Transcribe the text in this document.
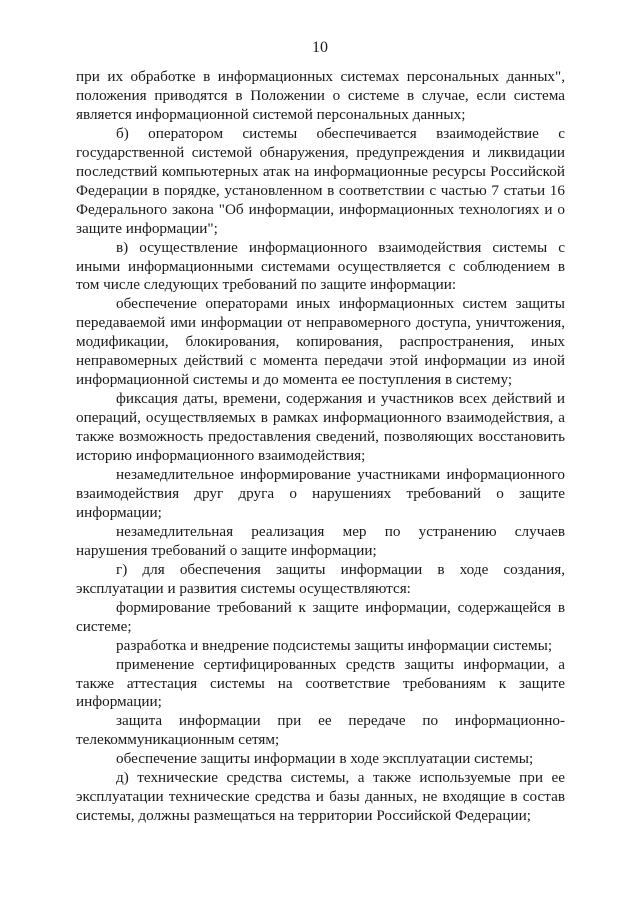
10

при их обработке в информационных системах персональных данных", положения приводятся в Положении о системе в случае, если система является информационной системой персональных данных;

б) оператором системы обеспечивается взаимодействие с государственной системой обнаружения, предупреждения и ликвидации последствий компьютерных атак на информационные ресурсы Российской Федерации в порядке, установленном в соответствии с частью 7 статьи 16 Федерального закона "Об информации, информационных технологиях и о защите информации";

в) осуществление информационного взаимодействия системы с иными информационными системами осуществляется с соблюдением в том числе следующих требований по защите информации:

обеспечение операторами иных информационных систем защиты передаваемой ими информации от неправомерного доступа, уничтожения, модификации, блокирования, копирования, распространения, иных неправомерных действий с момента передачи этой информации из иной информационной системы и до момента ее поступления в систему;

фиксация даты, времени, содержания и участников всех действий и операций, осуществляемых в рамках информационного взаимодействия, а также возможность предоставления сведений, позволяющих восстановить историю информационного взаимодействия;

незамедлительное информирование участниками информационного взаимодействия друг друга о нарушениях требований о защите информации;

незамедлительная реализация мер по устранению случаев нарушения требований о защите информации;

г) для обеспечения защиты информации в ходе создания, эксплуатации и развития системы осуществляются:

формирование требований к защите информации, содержащейся в системе;

разработка и внедрение подсистемы защиты информации системы;

применение сертифицированных средств защиты информации, а также аттестация системы на соответствие требованиям к защите информации;

защита информации при ее передаче по информационно-телекоммуникационным сетям;

обеспечение защиты информации в ходе эксплуатации системы;

д) технические средства системы, а также используемые при ее эксплуатации технические средства и базы данных, не входящие в состав системы, должны размещаться на территории Российской Федерации;
